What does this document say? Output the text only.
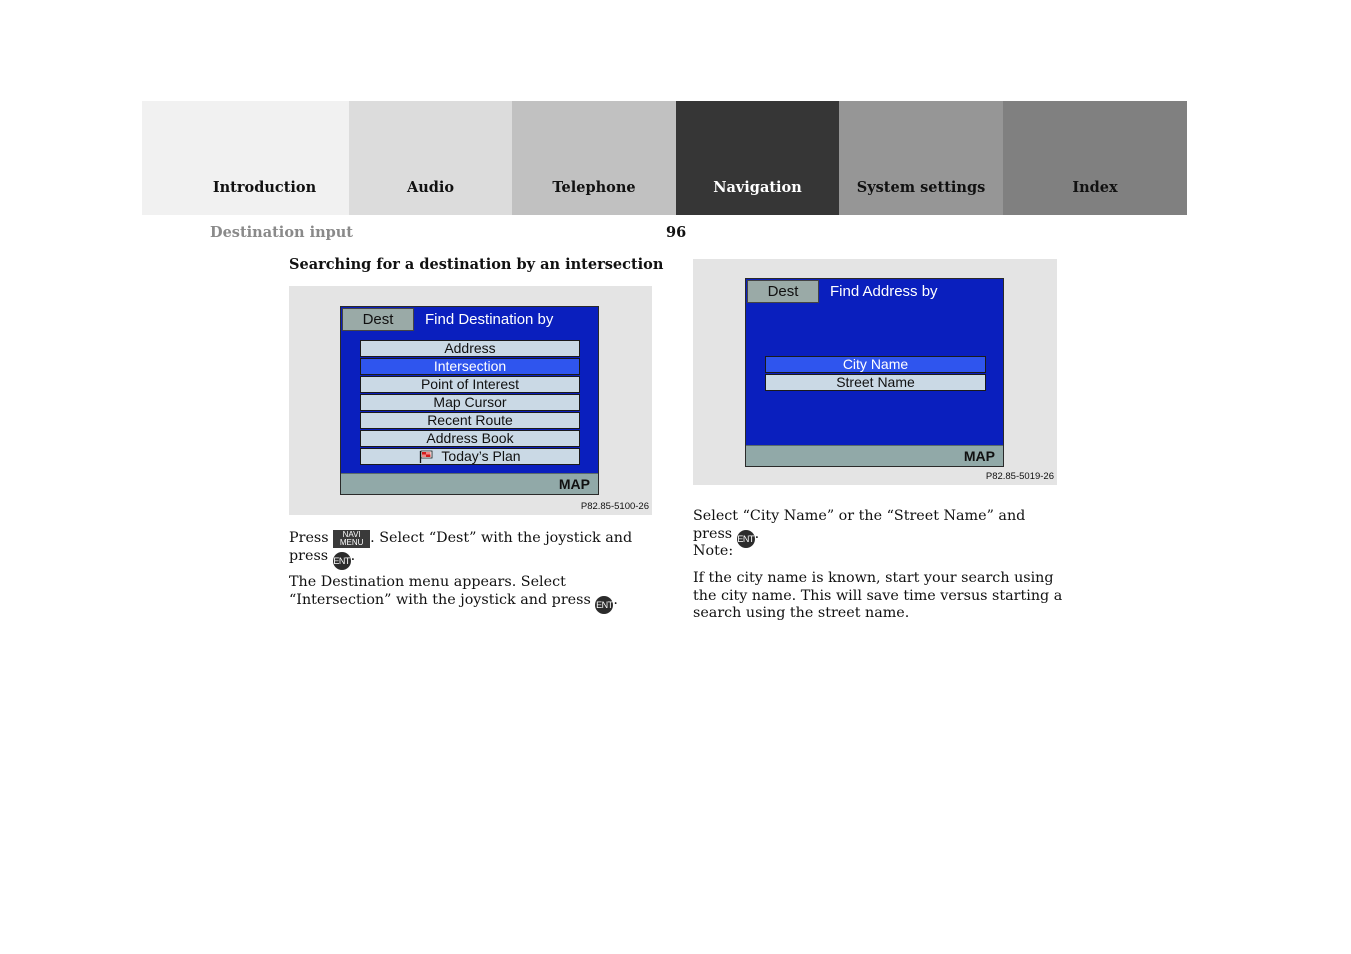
Introduction	Audio	Telephone	Navigation	System settings	Index
Destination input	96
Searching for a destination by an intersection
Dest	Find Destination by
Address
Intersection
Point of Interest
Map Cursor
Recent Route
Address Book
Today’s Plan
MAP
P82.85-5100-26
Dest	Find Address by
City Name
Street Name
MAP
P82.85-5019-26
Press NAVI
MENU . Select “Dest” with the joystick and press ENT.
The Destination menu appears. Select “Intersection” with the joystick and press ENT.
Select “City Name” or the “Street Name” and press ENT.
Note:
If the city name is known, start your search using the city name. This will save time versus starting a search using the street name.
